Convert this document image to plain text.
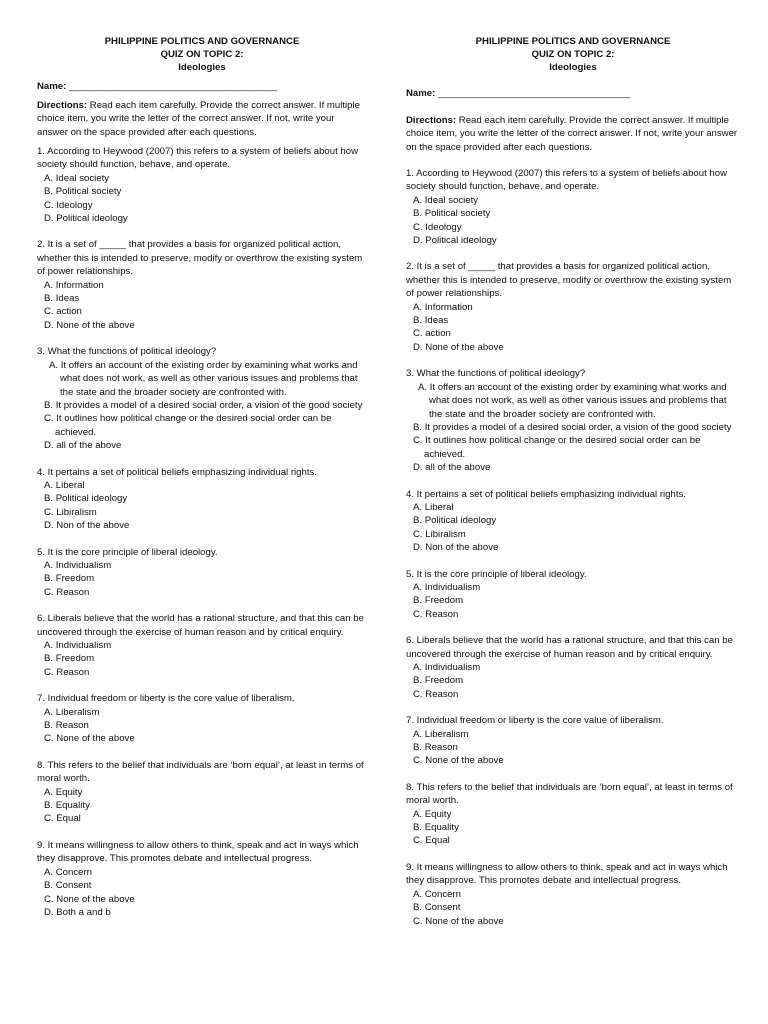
PHILIPPINE POLITICS AND GOVERNANCE
QUIZ ON TOPIC 2:
Ideologies

Name: _______________________________________

Directions: Read each item carefully. Provide the correct answer. If multiple choice item, you write the letter of the correct answer. If not, write your answer on the space provided after each questions.

1. According to Heywood (2007) this refers to a system of beliefs about how society should function, behave, and operate.

A. Ideal society

B. Political society

C. Ideology

D. Political ideology

2. It is a set of _____ that provides a basis for organized political action, whether this is intended to preserve, modify or overthrow the existing system of power relationships.

A. Information

B. Ideas

C. action

D. None of the above

3. What the functions of political ideology?

A. It offers an account of the existing order by examining what works and what does not work, as well as other various issues and problems that the state and the broader society are confronted with.

B. It provides a model of a desired social order, a vision of the good society

C. It outlines how political change or the desired social order can be achieved.

D. all of the above

4. It pertains a set of political beliefs emphasizing individual rights.

A. Liberal

B. Political ideology

C. Libiralism

D. Non of the above

5. It is the core principle of liberal ideology.

A. Individualism

B. Freedom

C. Reason

6. Liberals believe that the world has a rational structure, and that this can be uncovered through the exercise of human reason and by critical enquiry.

A. Individualism

B. Freedom

C. Reason

7. Individual freedom or liberty is the core value of liberalism.

A. Liberalism

B. Reason

C. None of the above

8. This refers to the belief that individuals are ‘born equal’, at least in terms of moral worth.

A. Equity

B. Equality

C. Equal

9. It means willingness to allow others to think, speak and act in ways which they disapprove. This promotes debate and intellectual progress.

A. Concern

B. Consent

C. None of the above

D. Both a and b

PHILIPPINE POLITICS AND GOVERNANCE
QUIZ ON TOPIC 2:
Ideologies

Name: ____________________________________

Directions: Read each item carefully. Provide the correct answer. If multiple choice item, you write the letter of the correct answer. If not, write your answer on the space provided after each questions.

1. According to Heywood (2007) this refers to a system of beliefs about how society should function, behave, and operate.

A. Ideal society

B. Political society

C. Ideology

D. Political ideology

2. It is a set of _____ that provides a basis for organized political action, whether this is intended to preserve, modify or overthrow the existing system of power relationships.

A. Information

B. Ideas

C. action

D. None of the above

3. What the functions of political ideology?

A. It offers an account of the existing order by examining what works and what does not work, as well as other various issues and problems that the state and the broader society are confronted with.

B. It provides a model of a desired social order, a vision of the good society

C. It outlines how political change or the desired social order can be achieved.

D. all of the above

4. It pertains a set of political beliefs emphasizing individual rights.

A. Liberal

B. Political ideology

C. Libiralism

D. Non of the above

5. It is the core principle of liberal ideology.

A. Individualism

B. Freedom

C. Reason

6. Liberals believe that the world has a rational structure, and that this can be uncovered through the exercise of human reason and by critical enquiry.

A. Individualism

B. Freedom

C. Reason

7. Individual freedom or liberty is the core value of liberalism.

A. Liberalism

B. Reason

C. None of the above

8. This refers to the belief that individuals are ‘born equal’, at least in terms of moral worth.

A. Equity

B. Equality

C. Equal

9. It means willingness to allow others to think, speak and act in ways which they disapprove. This promotes debate and intellectual progress.

A. Concern

B. Consent

C. None of the above
